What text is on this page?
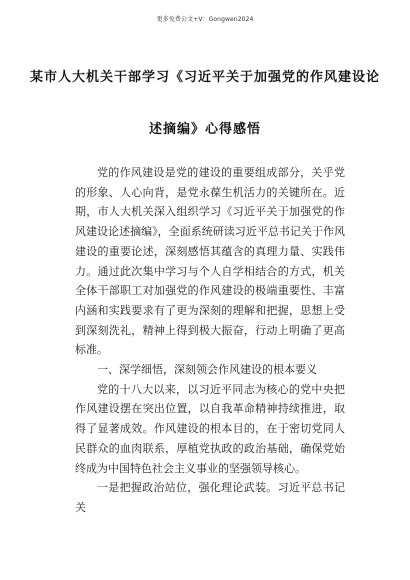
更多免费公文+V：Gongwen2024
某市人大机关干部学习《习近平关于加强党的作风建设论
述摘编》心得感悟

党的作风建设是党的建设的重要组成部分，关乎党的形象、人心向背，是党永葆生机活力的关键所在。近期，市人大机关深入组织学习《习近平关于加强党的作风建设论述摘编》，全面系统研读习近平总书记关于作风建设的重要论述，深刻感悟其蕴含的真理力量、实践伟力。通过此次集中学习与个人自学相结合的方式，机关全体干部职工对加强党的作风建设的极端重要性、丰富内涵和实践要求有了更为深刻的理解和把握，思想上受到深刻洗礼，精神上得到极大振奋，行动上明确了更高标准。

一、深学细悟，深刻领会作风建设的根本要义

党的十八大以来，以习近平同志为核心的党中央把作风建设摆在突出位置，以自我革命精神持续推进，取得了显著成效。作风建设的根本目的，在于密切党同人民群众的血肉联系，厚植党执政的政治基础，确保党始终成为中国特色社会主义事业的坚强领导核心。

一是把握政治站位，强化理论武装。习近平总书记关
